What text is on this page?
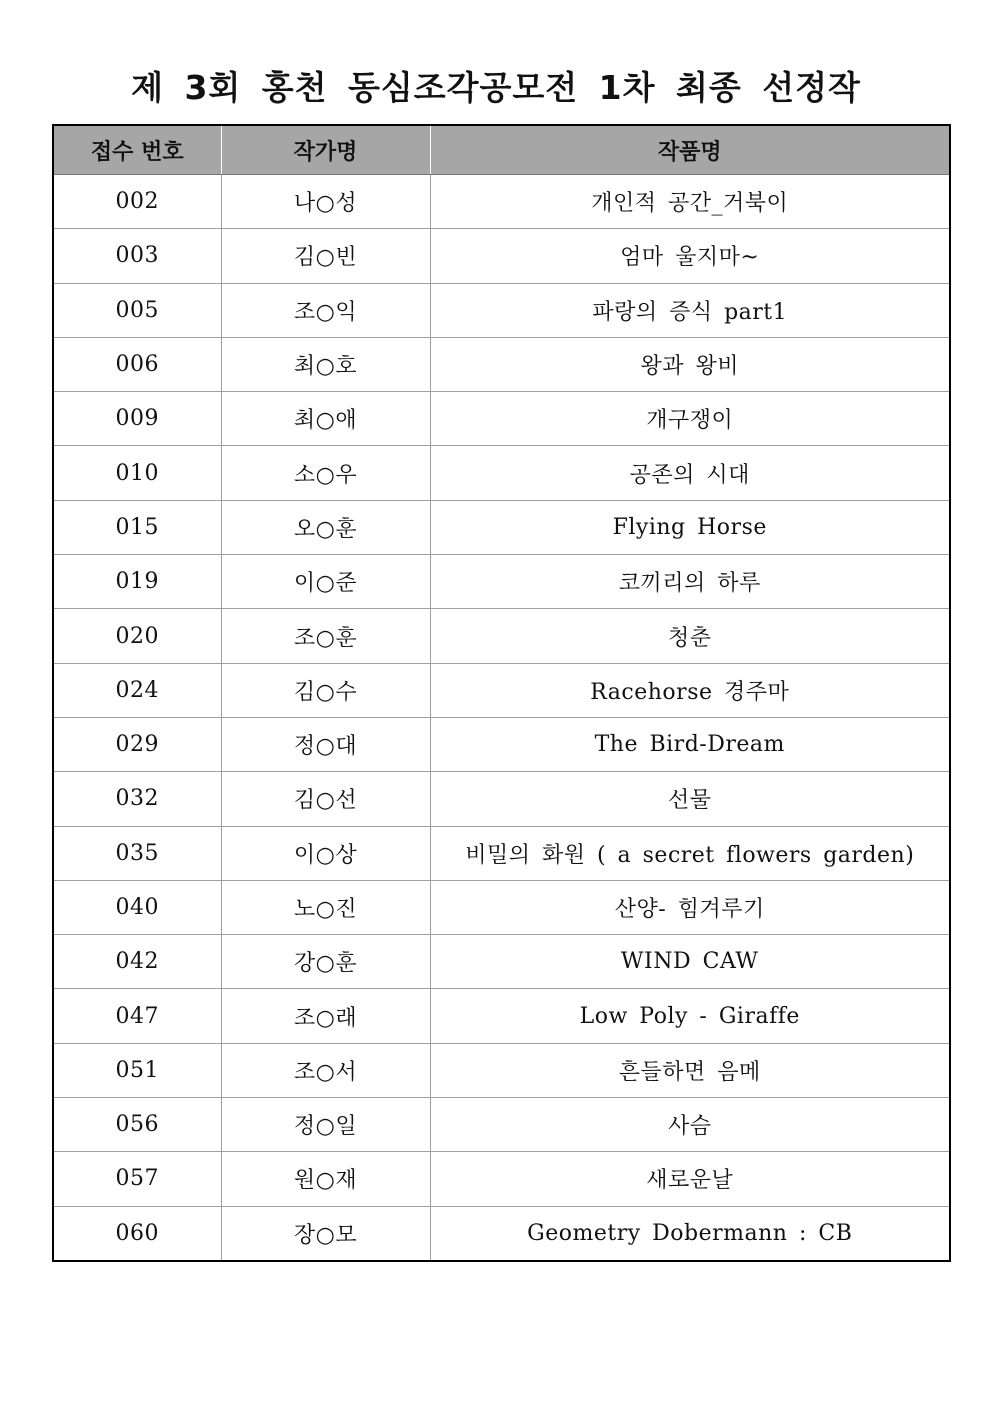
제 3회 홍천 동심조각공모전 1차 최종 선정작
접수 번호	작가명	작품명
002	나○성	개인적 공간_거북이
003	김○빈	엄마 울지마~
005	조○익	파랑의 증식 part1
006	최○호	왕과 왕비
009	최○애	개구쟁이
010	소○우	공존의 시대
015	오○훈	Flying Horse
019	이○준	코끼리의 하루
020	조○훈	청춘
024	김○수	Racehorse 경주마
029	정○대	The Bird-Dream
032	김○선	선물
035	이○상	비밀의 화원 ( a secret flowers garden)
040	노○진	산양- 힘겨루기
042	강○훈	WIND CAW
047	조○래	Low Poly - Giraffe
051	조○서	흔들하면 음메
056	정○일	사슴
057	원○재	새로운날
060	장○모	Geometry Dobermann : CB
